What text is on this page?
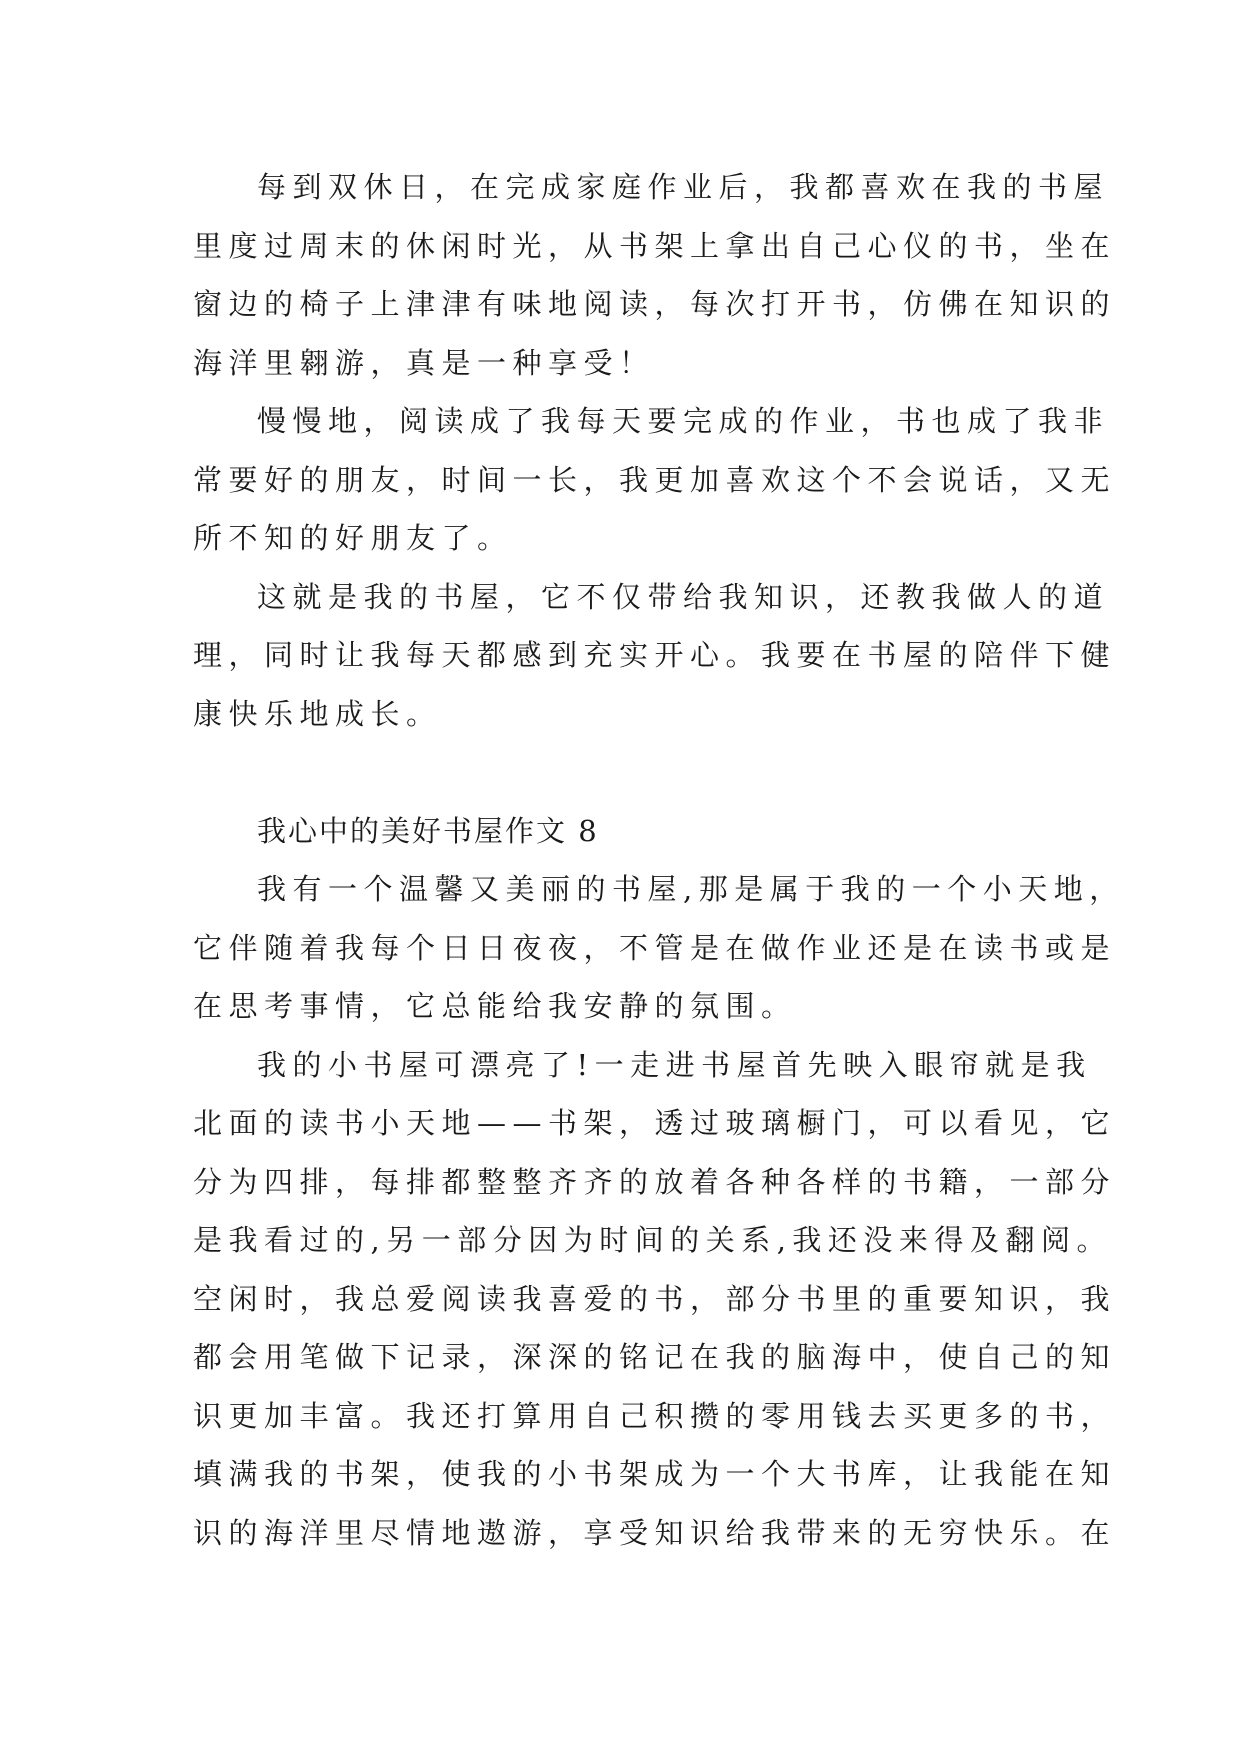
每到双休日，在完成家庭作业后，我都喜欢在我的书屋
里度过周末的休闲时光，从书架上拿出自己心仪的书，坐在
窗边的椅子上津津有味地阅读，每次打开书，仿佛在知识的
海洋里翱游，真是一种享受！
慢慢地，阅读成了我每天要完成的作业，书也成了我非
常要好的朋友，时间一长，我更加喜欢这个不会说话，又无
所不知的好朋友了。
这就是我的书屋，它不仅带给我知识，还教我做人的道
理，同时让我每天都感到充实开心。我要在书屋的陪伴下健
康快乐地成长。
我心中的美好书屋作文 8
我有一个温馨又美丽的书屋,那是属于我的一个小天地，
它伴随着我每个日日夜夜，不管是在做作业还是在读书或是
在思考事情，它总能给我安静的氛围。
我的小书屋可漂亮了!一走进书屋首先映入眼帘就是我
北面的读书小天地——书架，透过玻璃橱门，可以看见，它
分为四排，每排都整整齐齐的放着各种各样的书籍，一部分
是我看过的,另一部分因为时间的关系,我还没来得及翻阅。
空闲时，我总爱阅读我喜爱的书，部分书里的重要知识，我
都会用笔做下记录，深深的铭记在我的脑海中，使自己的知
识更加丰富。我还打算用自己积攒的零用钱去买更多的书，
填满我的书架，使我的小书架成为一个大书库，让我能在知
识的海洋里尽情地遨游，享受知识给我带来的无穷快乐。在
